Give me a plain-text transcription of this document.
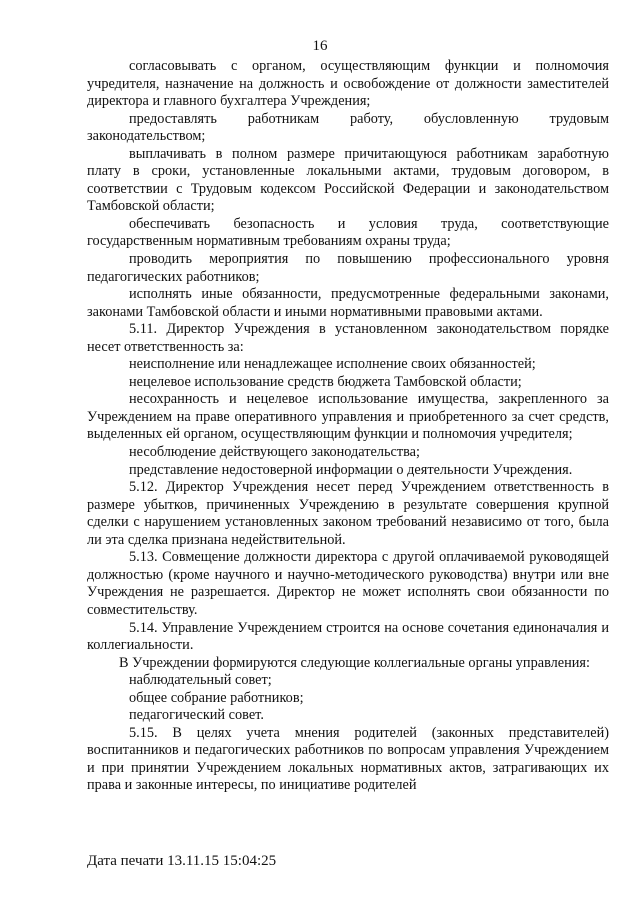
16

согласовывать с органом, осуществляющим функции и полномочия учредителя, назначение на должность и освобождение от должности заместителей директора и главного бухгалтера Учреждения;

предоставлять работникам работу, обусловленную трудовым законодательством;

выплачивать в полном размере причитающуюся работникам заработную плату в сроки, установленные локальными актами, трудовым договором, в соответствии с Трудовым кодексом Российской Федерации и законодательством Тамбовской области;

обеспечивать безопасность и условия труда, соответствующие государственным нормативным требованиям охраны труда;

проводить мероприятия по повышению профессионального уровня педагогических работников;

исполнять иные обязанности, предусмотренные федеральными законами, законами Тамбовской области и иными нормативными правовыми актами.

5.11. Директор Учреждения в установленном законодательством порядке несет ответственность за:

неисполнение или ненадлежащее исполнение своих обязанностей;

нецелевое использование средств бюджета Тамбовской области;

несохранность и нецелевое использование имущества, закрепленного за Учреждением на праве оперативного управления и приобретенного за счет средств, выделенных ей органом, осуществляющим функции и полномочия учредителя;

несоблюдение действующего законодательства;

представление недостоверной информации о деятельности Учреждения.

5.12. Директор Учреждения несет перед Учреждением ответственность в размере убытков, причиненных Учреждению в результате совершения крупной сделки с нарушением установленных законом требований независимо от того, была ли эта сделка признана недействительной.

5.13. Совмещение должности директора с другой оплачиваемой руководящей должностью (кроме научного и научно-методического руководства) внутри или вне Учреждения не разрешается. Директор не может исполнять свои обязанности по совместительству.

5.14. Управление Учреждением строится на основе сочетания единоначалия и коллегиальности.

В Учреждении формируются следующие коллегиальные органы управления:

наблюдательный совет;

общее собрание работников;

педагогический совет.

5.15. В целях учета мнения родителей (законных представителей) воспитанников и педагогических работников по вопросам управления Учреждением и при принятии Учреждением локальных нормативных актов, затрагивающих их права и законные интересы, по инициативе родителей

Дата печати 13.11.15 15:04:25
